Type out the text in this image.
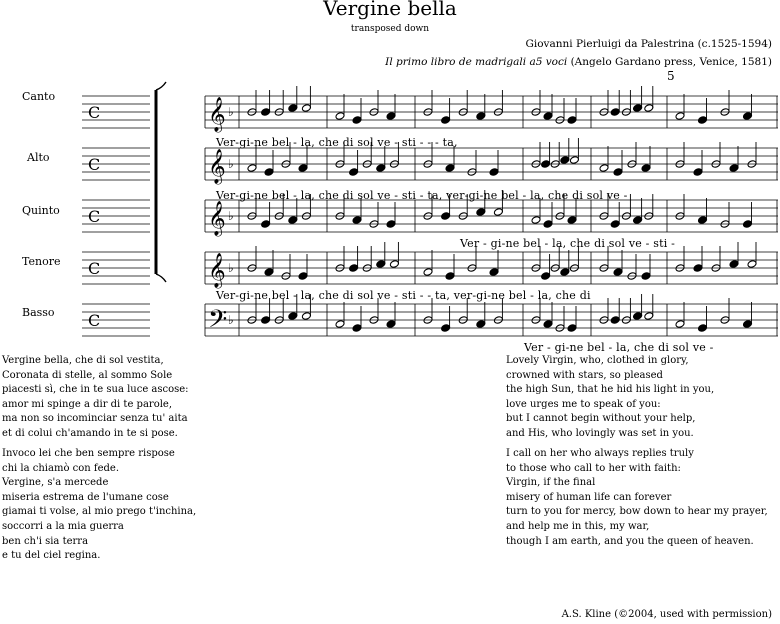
Vergine bella
transposed down
Giovanni Pierluigi da Palestrina (c.1525-1594)
Il primo libro de madrigali a5 voci (Angelo Gardano press, Venice, 1581)
𝄞 ♭
C
𝄞 ♭
C
𝄞 ♭
C
𝄞 ♭
C
𝄢 ♭
C
5
Canto
Alto
Quinto
Tenore
Basso
Ver-gi-ne bel - la, che di sol ve - sti - - - ta,
Ver-gi-ne bel - la, che di sol ve - sti - ta, ver-gi-ne bel - la, che di sol ve -
Ver - gi-ne bel - la, che di sol ve - sti -
Ver-gi-ne bel - la, che di sol ve - sti - - ta, ver-gi-ne bel - la, che di
Ver - gi-ne bel - la, che di sol ve -
Vergine bella, che di sol vestita,
Coronata di stelle, al sommo Sole
piacesti sì, che in te sua luce ascose:
amor mi spinge a dir di te parole,
ma non so incominciar senza tu' aita
et di colui ch'amando in te si pose.
Invoco lei che ben sempre rispose
chi la chiamò con fede.
Vergine, s'a mercede
miseria estrema de l'umane cose
giamai ti volse, al mio prego t'inchina,
soccorri a la mia guerra
ben ch'i sia terra
e tu del ciel regina.
Lovely Virgin, who, clothed in glory,
crowned with stars, so pleased
the high Sun, that he hid his light in you,
love urges me to speak of you:
but I cannot begin without your help,
and His, who lovingly was set in you.
I call on her who always replies truly
to those who call to her with faith:
Virgin, if the final
misery of human life can forever
turn to you for mercy, bow down to hear my prayer,
and help me in this, my war,
though I am earth, and you the queen of heaven.
A.S. Kline (©2004, used with permission)
